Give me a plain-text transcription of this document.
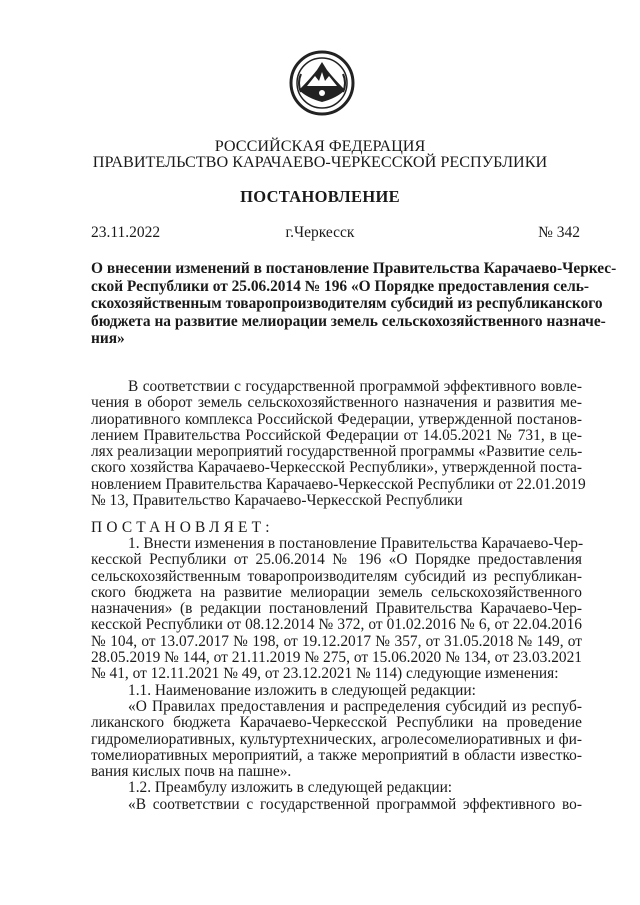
РОССИЙСКАЯ ФЕДЕРАЦИЯ
ПРАВИТЕЛЬСТВО КАРАЧАЕВО-ЧЕРКЕССКОЙ РЕСПУБЛИКИ
ПОСТАНОВЛЕНИЕ
23.11.2022	г.Черкесск	№ 342
О внесении изменений в постановление Правительства Карачаево-Черкес-
ской Республики от 25.06.2014 № 196 «О Порядке предоставления сель-
скохозяйственным товаропроизводителям субсидий из республиканского
бюджета на развитие мелиорации земель сельскохозяйственного назначе-
ния»
В соответствии с государственной программой эффективного вовле-
чения в оборот земель сельскохозяйственного назначения и развития ме-
лиоративного комплекса Российской Федерации, утвержденной постанов-
лением Правительства Российской Федерации от 14.05.2021 № 731, в це-
лях реализации мероприятий государственной программы «Развитие сель-
ского хозяйства Карачаево-Черкесской Республики», утвержденной поста-
новлением Правительства Карачаево-Черкесской Республики от 22.01.2019
№ 13, Правительство Карачаево-Черкесской Республики
ПОСТАНОВЛЯЕТ:
1. Внести изменения в постановление Правительства Карачаево-Чер-
кесской Республики от 25.06.2014 № 196 «О Порядке предоставления
сельскохозяйственным товаропроизводителям субсидий из республикан-
ского бюджета на развитие мелиорации земель сельскохозяйственного
назначения» (в редакции постановлений Правительства Карачаево-Чер-
кесской Республики от 08.12.2014 № 372, от 01.02.2016 № 6, от 22.04.2016
№ 104, от 13.07.2017 № 198, от 19.12.2017 № 357, от 31.05.2018 № 149, от
28.05.2019 № 144, от 21.11.2019 № 275, от 15.06.2020 № 134, от 23.03.2021
№ 41, от 12.11.2021 № 49, от 23.12.2021 № 114) следующие изменения:
1.1. Наименование изложить в следующей редакции:
«О Правилах предоставления и распределения субсидий из респуб-
ликанского бюджета Карачаево-Черкесской Республики на проведение
гидромелиоративных, культуртехнических, агролесомелиоративных и фи-
томелиоративных мероприятий, а также мероприятий в области известко-
вания кислых почв на пашне».
1.2. Преамбулу изложить в следующей редакции:
«В соответствии с государственной программой эффективного во-
